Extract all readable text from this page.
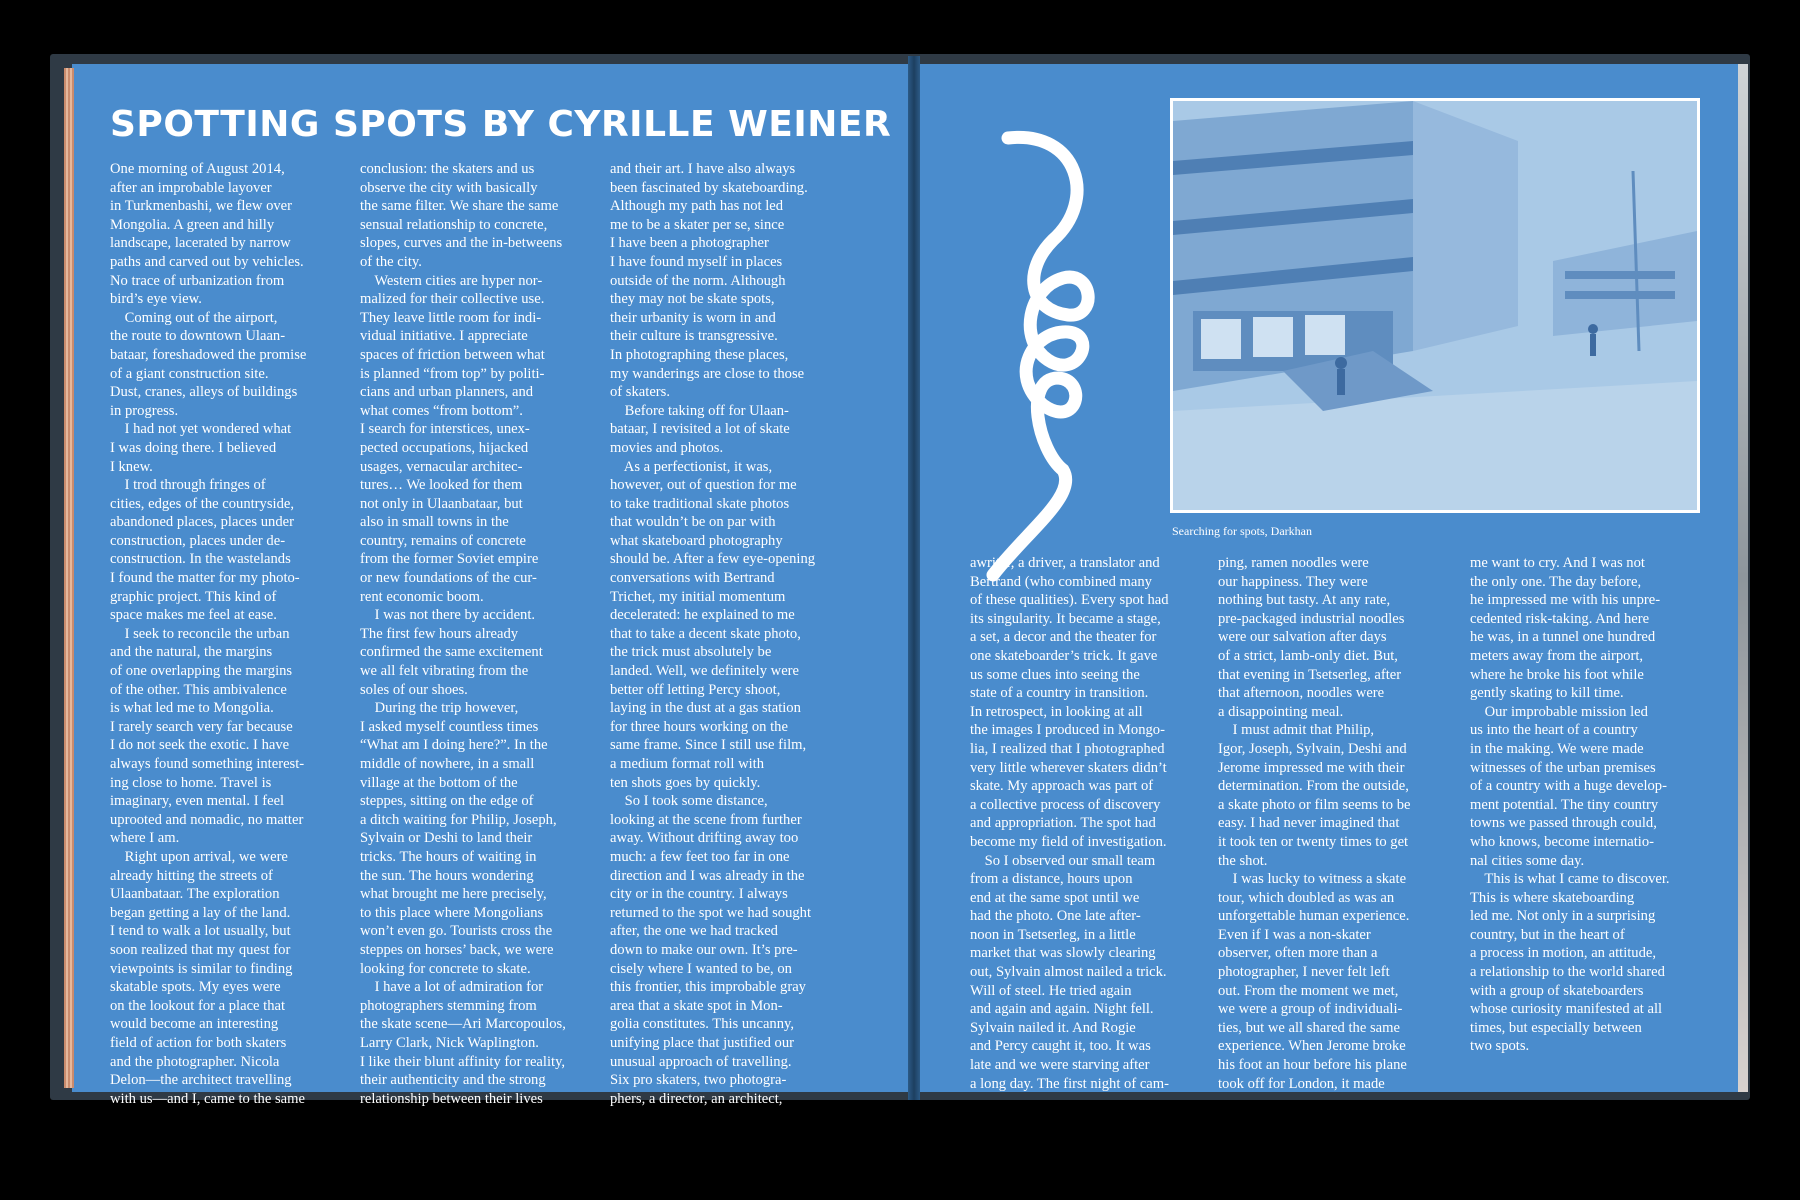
SPOTTING SPOTS BY CYRILLE WEINER

One morning of August 2014,
after an improbable layover
in Turkmenbashi, we flew over
Mongolia. A green and hilly
landscape, lacerated by narrow
paths and carved out by vehicles.
No trace of urbanization from
bird’s eye view.
Coming out of the airport,
the route to downtown Ulaan-
bataar, foreshadowed the promise
of a giant construction site.
Dust, cranes, alleys of buildings
in progress.
I had not yet wondered what
I was doing there. I believed
I knew.
I trod through fringes of
cities, edges of the countryside,
abandoned places, places under
construction, places under de-
construction. In the wastelands
I found the matter for my photo-
graphic project. This kind of
space makes me feel at ease.
I seek to reconcile the urban
and the natural, the margins
of one overlapping the margins
of the other. This ambivalence
is what led me to Mongolia.
I rarely search very far because
I do not seek the exotic. I have
always found something interest-
ing close to home. Travel is
imaginary, even mental. I feel
uprooted and nomadic, no matter
where I am.
Right upon arrival, we were
already hitting the streets of
Ulaanbataar. The exploration
began getting a lay of the land.
I tend to walk a lot usually, but
soon realized that my quest for
viewpoints is similar to finding
skatable spots. My eyes were
on the lookout for a place that
would become an interesting
field of action for both skaters
and the photographer. Nicola
Delon—the architect travelling
with us—and I, came to the same

conclusion: the skaters and us
observe the city with basically
the same filter. We share the same
sensual relationship to concrete,
slopes, curves and the in-betweens
of the city.
Western cities are hyper nor-
malized for their collective use.
They leave little room for indi-
vidual initiative. I appreciate
spaces of friction between what
is planned “from top” by politi-
cians and urban planners, and
what comes “from bottom”.
I search for interstices, unex-
pected occupations, hijacked
usages, vernacular architec-
tures… We looked for them
not only in Ulaanbataar, but
also in small towns in the
country, remains of concrete
from the former Soviet empire
or new foundations of the cur-
rent economic boom.
I was not there by accident.
The first few hours already
confirmed the same excitement
we all felt vibrating from the
soles of our shoes.
During the trip however,
I asked myself countless times
“What am I doing here?”. In the
middle of nowhere, in a small
village at the bottom of the
steppes, sitting on the edge of
a ditch waiting for Philip, Joseph,
Sylvain or Deshi to land their
tricks. The hours of waiting in
the sun. The hours wondering
what brought me here precisely,
to this place where Mongolians
won’t even go. Tourists cross the
steppes on horses’ back, we were
looking for concrete to skate.
I have a lot of admiration for
photographers stemming from
the skate scene—Ari Marcopoulos,
Larry Clark, Nick Waplington.
I like their blunt affinity for reality,
their authenticity and the strong
relationship between their lives

and their art. I have also always
been fascinated by skateboarding.
Although my path has not led
me to be a skater per se, since
I have been a photographer
I have found myself in places
outside of the norm. Although
they may not be skate spots,
their urbanity is worn in and
their culture is transgressive.
In photographing these places,
my wanderings are close to those
of skaters.
Before taking off for Ulaan-
bataar, I revisited a lot of skate
movies and photos.
As a perfectionist, it was,
however, out of question for me
to take traditional skate photos
that wouldn’t be on par with
what skateboard photography
should be. After a few eye-opening
conversations with Bertrand
Trichet, my initial momentum
decelerated: he explained to me
that to take a decent skate photo,
the trick must absolutely be
landed. Well, we definitely were
better off letting Percy shoot,
laying in the dust at a gas station
for three hours working on the
same frame. Since I still use film,
a medium format roll with
ten shots goes by quickly.
So I took some distance,
looking at the scene from further
away. Without drifting away too
much: a few feet too far in one
direction and I was already in the
city or in the country. I always
returned to the spot we had sought
after, the one we had tracked
down to make our own. It’s pre-
cisely where I wanted to be, on
this frontier, this improbable gray
area that a skate spot in Mon-
golia constitutes. This uncanny,
unifying place that justified our
unusual approach of travelling.
Six pro skaters, two photogra-
phers, a director, an architect,

Searching for spots, Darkhan

awriter, a driver, a translator and
Bertrand (who combined many
of these qualities). Every spot had
its singularity. It became a stage,
a set, a decor and the theater for
one skateboarder’s trick. It gave
us some clues into seeing the
state of a country in transition.
In retrospect, in looking at all
the images I produced in Mongo-
lia, I realized that I photographed
very little wherever skaters didn’t
skate. My approach was part of
a collective process of discovery
and appropriation. The spot had
become my field of investigation.
So I observed our small team
from a distance, hours upon
end at the same spot until we
had the photo. One late after-
noon in Tsetserleg, in a little
market that was slowly clearing
out, Sylvain almost nailed a trick.
Will of steel. He tried again
and again and again. Night fell.
Sylvain nailed it. And Rogie
and Percy caught it, too. It was
late and we were starving after
a long day. The first night of cam-

ping, ramen noodles were
our happiness. They were
nothing but tasty. At any rate,
pre-packaged industrial noodles
were our salvation after days
of a strict, lamb-only diet. But,
that evening in Tsetserleg, after
that afternoon, noodles were
a disappointing meal.
I must admit that Philip,
Igor, Joseph, Sylvain, Deshi and
Jerome impressed me with their
determination. From the outside,
a skate photo or film seems to be
easy. I had never imagined that
it took ten or twenty times to get
the shot.
I was lucky to witness a skate
tour, which doubled as was an
unforgettable human experience.
Even if I was a non-skater
observer, often more than a
photographer, I never felt left
out. From the moment we met,
we were a group of individuali-
ties, but we all shared the same
experience. When Jerome broke
his foot an hour before his plane
took off for London, it made

me want to cry. And I was not
the only one. The day before,
he impressed me with his unpre-
cedented risk-taking. And here
he was, in a tunnel one hundred
meters away from the airport,
where he broke his foot while
gently skating to kill time.
Our improbable mission led
us into the heart of a country
in the making. We were made
witnesses of the urban premises
of a country with a huge develop-
ment potential. The tiny country
towns we passed through could,
who knows, become internatio-
nal cities some day.
This is what I came to discover.
This is where skateboarding
led me. Not only in a surprising
country, but in the heart of
a process in motion, an attitude,
a relationship to the world shared
with a group of skateboarders
whose curiosity manifested at all
times, but especially between
two spots.
